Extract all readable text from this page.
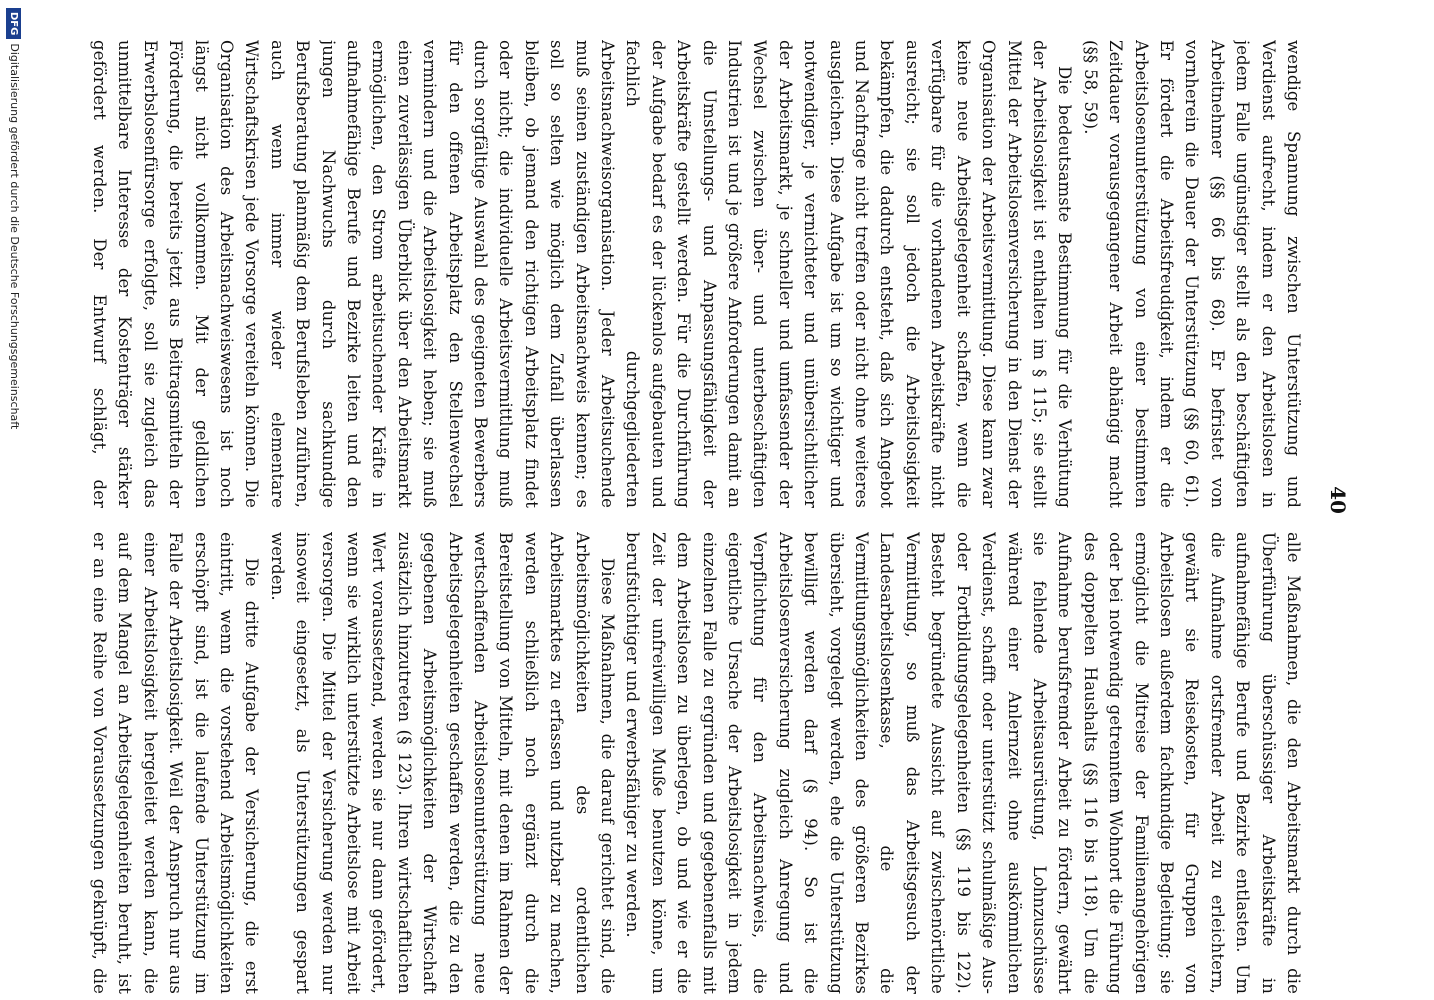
40

wendige Spannung zwischen Unterstützung und Verdienst aufrecht, indem er den Arbeitslosen in jedem Falle ungünstiger stellt als den beschäftigten Arbeitnehmer (§§ 66 bis 68). Er befristet von vornherein die Dauer der Unterstützung (§§ 60, 61). Er fördert die Arbeitsfreudigkeit, indem er die Arbeitslosenunterstützung von einer bestimmten Zeitdauer vorausgegangener Arbeit abhängig macht (§§ 58, 59).

Die bedeutsamste Bestimmung für die Verhütung der Arbeitslosigkeit ist enthalten im § 115; sie stellt Mittel der Arbeitslosenversicherung in den Dienst der Organisation der Arbeitsvermittlung. Diese kann zwar keine neue Arbeitsgelegenheit schaffen, wenn die verfügbare für die vorhandenen Arbeitskräfte nicht ausreicht; sie soll jedoch die Arbeitslosigkeit bekämpfen, die dadurch entsteht, daß sich Angebot und Nachfrage nicht treffen oder nicht ohne weiteres ausgleichen. Diese Aufgabe ist um so wichtiger und notwendiger, je vernichteter und unübersichtlicher der Arbeitsmarkt, je schneller und umfassender der Wechsel zwischen über- und unterbeschäftigten Industrien ist und je größere Anforderungen damit an die Umstellungs- und Anpassungsfähigkeit der Arbeitskräfte gestellt werden. Für die Durchführung der Aufgabe bedarf es der lückenlos aufgebauten und fachlich durchgegliederten Arbeitsnachweisorganisation. Jeder Arbeitsuchende muß seinen zuständigen Arbeitsnachweis kennen; es soll so selten wie möglich dem Zufall überlassen bleiben, ob jemand den richtigen Arbeitsplatz findet oder nicht; die individuelle Arbeitsvermittlung muß durch sorgfältige Auswahl des geeigneten Bewerbers für den offenen Arbeitsplatz den Stellenwechsel vermindern und die Arbeitslosigkeit heben; sie muß einen zuverlässigen Überblick über den Arbeitsmarkt ermöglichen, den Strom arbeitsuchender Kräfte in aufnahmefähige Berufe und Bezirke leiten und den jungen Nachwuchs durch sachkundige Berufsberatung planmäßig dem Berufsleben zuführen, auch wenn immer wieder elementare Wirtschaftskrisen jede Vorsorge vereiteln können. Die Organisation des Arbeitsnachweiswesens ist noch längst nicht vollkommen. Mit der geldlichen Förderung, die bereits jetzt aus Beitragsmitteln der Erwerbslosenfürsorge erfolgte, soll sie zugleich das unmittelbare Interesse der Kostenträger stärker gefördert werden. Der Entwurf schlägt, der

alle Maßnahmen, die den Arbeitsmarkt durch die Überführung überschüssiger Arbeitskräfte in aufnahmefähige Berufe und Bezirke entlasten. Um die Aufnahme ortsfremder Arbeit zu erleichtern, gewährt sie Reisekosten, für Gruppen von Arbeitslosen außerdem fachkundige Begleitung; sie ermöglicht die Mitreise der Familienangehörigen oder bei notwendig getrenntem Wohnort die Führung des doppelten Haushalts (§§ 116 bis 118). Um die Aufnahme berufsfremder Arbeit zu fördern, gewährt sie fehlende Arbeitsausrüstung, Lohnzuschüsse während einer Anlernzeit ohne auskömmlichen Verdienst, schafft oder unterstützt schulmäßige Aus- oder Fortbildungsgelegenheiten (§§ 119 bis 122). Besteht begründete Aussicht auf zwischenörtliche Vermittlung, so muß das Arbeitsgesuch der Landesarbeitslosenkasse, die die Vermittlungsmöglichkeiten des größeren Bezirkes übersieht, vorgelegt werden, ehe die Unterstützung bewilligt werden darf (§ 94). So ist die Arbeitslosenversicherung zugleich Anregung und Verpflichtung für den Arbeitsnachweis, die eigentliche Ursache der Arbeitslosigkeit in jedem einzelnen Falle zu ergründen und gegebenenfalls mit dem Arbeitslosen zu überlegen, ob und wie er die Zeit der unfreiwilligen Muße benutzen könne, um berufstüchtiger und erwerbsfähiger zu werden.

Diese Maßnahmen, die darauf gerichtet sind, die Arbeitsmöglichkeiten des ordentlichen Arbeitsmarktes zu erfassen und nutzbar zu machen, werden schließlich noch ergänzt durch die Bereitstellung von Mitteln, mit denen im Rahmen der wertschaffenden Arbeitslosenunterstützung neue Arbeitsgelegenheiten geschaffen werden, die zu den gegebenen Arbeitsmöglichkeiten der Wirtschaft zusätzlich hinzutreten (§ 123). Ihren wirtschaftlichen Wert voraussetzend, werden sie nur dann gefördert, wenn sie wirklich unterstützte Arbeitslose mit Arbeit versorgen. Die Mittel der Versicherung werden nur insoweit eingesetzt, als Unterstützungen gespart werden.

Die dritte Aufgabe der Versicherung, die erst eintritt, wenn die vorstehend Arbeitsmöglichkeiten erschöpft sind, ist die laufende Unterstützung im Falle der Arbeitslosigkeit. Weil der Anspruch nur aus einer Arbeitslosigkeit hergeleitet werden kann, die auf dem Mangel an Arbeitsgelegenheiten beruht, ist er an eine Reihe von Voraussetzungen geknüpft, die

DFGDigitalisierung gefördert durch die Deutsche Forschungsgemeinschaft
